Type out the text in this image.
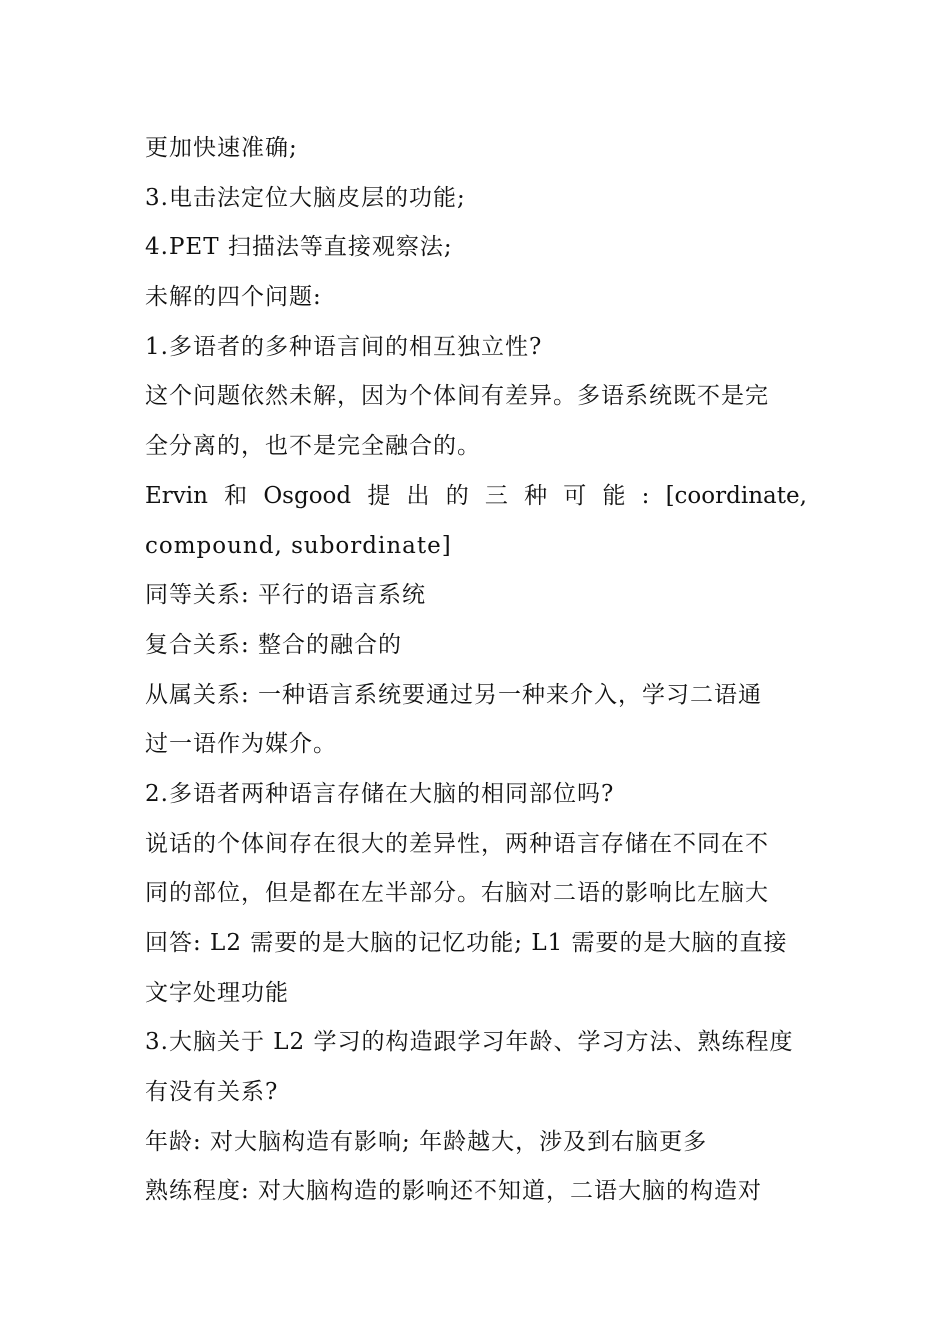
更加快速准确;
3.电击法定位大脑皮层的功能;
4.PET 扫描法等直接观察法;
未解的四个问题:
1.多语者的多种语言间的相互独立性?
这个问题依然未解，因为个体间有差异。多语系统既不是完
全分离的，也不是完全融合的。
Ervin 和 Osgood 提 出 的 三 种 可 能 : [coordinate,
compound, subordinate]
同等关系: 平行的语言系统
复合关系: 整合的融合的
从属关系: 一种语言系统要通过另一种来介入，学习二语通
过一语作为媒介。
2.多语者两种语言存储在大脑的相同部位吗?
说话的个体间存在很大的差异性，两种语言存储在不同在不
同的部位，但是都在左半部分。右脑对二语的影响比左脑大
回答: L2 需要的是大脑的记忆功能; L1 需要的是大脑的直接
文字处理功能
3.大脑关于 L2 学习的构造跟学习年龄、学习方法、熟练程度
有没有关系?
年龄: 对大脑构造有影响; 年龄越大，涉及到右脑更多
熟练程度: 对大脑构造的影响还不知道，二语大脑的构造对
